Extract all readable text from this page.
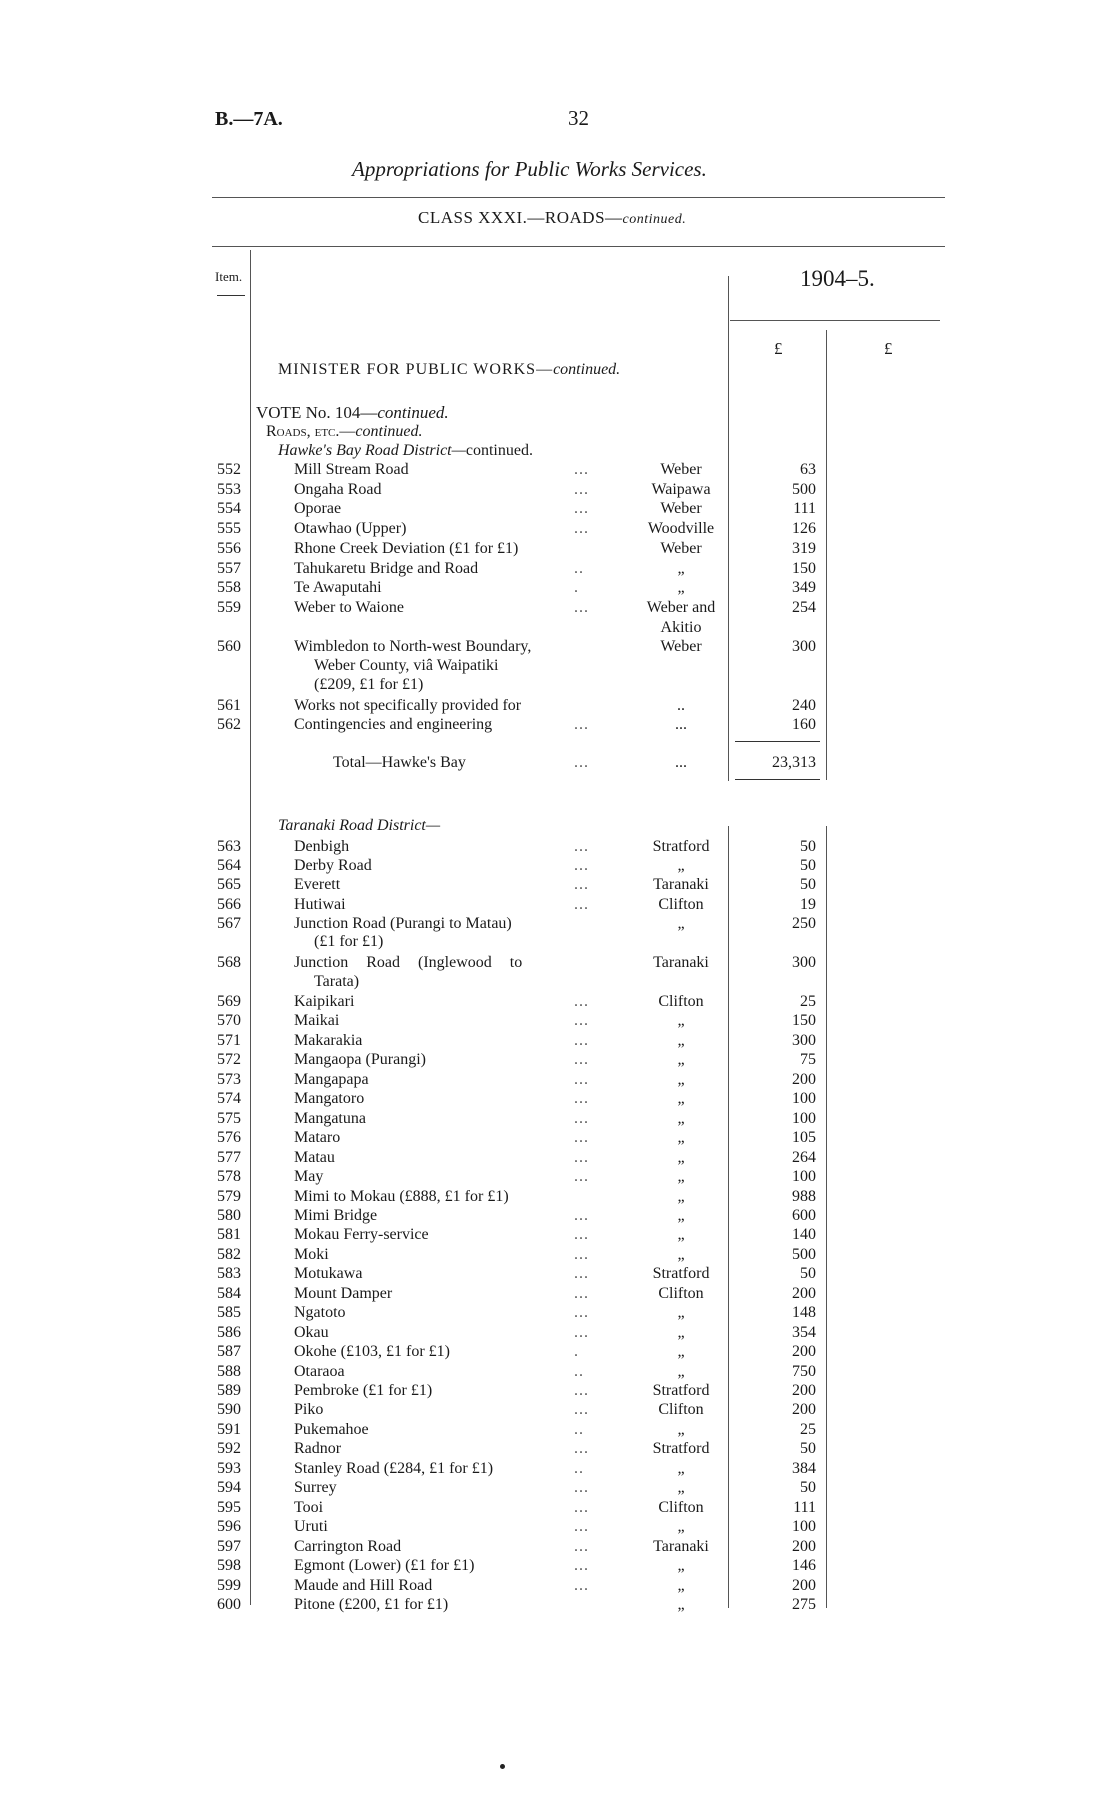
B.—7A.	32
Appropriations for Public Works Services.
CLASS XXXI.—ROADS—continued.
Item.	1904–5.
£	£
MINISTER FOR PUBLIC WORKS—continued.
VOTE No. 104—continued.
Roads, etc.—continued.
Hawke's Bay Road District—continued.
552	Mill Stream Road	...	Weber	63
553	Ongaha Road	...	Waipawa	500
554	Oporae	...	Weber	111
555	Otawhao (Upper)	...	Woodville	126
556	Rhone Creek Deviation (£1 for £1)	Weber	319
557	Tahukaretu Bridge and Road	..	„	150
558	Te Awaputahi	.	„	349
559	Weber to Waione	...	Weber and	254
Akitio
560	Wimbledon to North-west Boundary,	Weber	300
Weber County, viâ Waipatiki
(£209, £1 for £1)
561	Works not specifically provided for	..	240
562	Contingencies and engineering	...	...	160
Total—Hawke's Bay	...	...	23,313
Taranaki Road District—
563	Denbigh	...	Stratford	50
564	Derby Road	...	„	50
565	Everett	...	Taranaki	50
566	Hutiwai	...	Clifton	19
567	Junction Road (Purangi to Matau)	„	250
(£1 for £1)
568	Junction Road (Inglewood to	Taranaki	300
Tarata)
569	Kaipikari	...	Clifton	25
570	Maikai	...	„	150
571	Makarakia	...	„	300
572	Mangaopa (Purangi)	...	„	75
573	Mangapapa	...	„	200
574	Mangatoro	...	„	100
575	Mangatuna	...	„	100
576	Mataro	...	„	105
577	Matau	...	„	264
578	May	...	„	100
579	Mimi to Mokau (£888, £1 for £1)	„	988
580	Mimi Bridge	...	„	600
581	Mokau Ferry-service	...	„	140
582	Moki	...	„	500
583	Motukawa	...	Stratford	50
584	Mount Damper	...	Clifton	200
585	Ngatoto	...	„	148
586	Okau	...	„	354
587	Okohe (£103, £1 for £1)	.	„	200
588	Otaraoa	..	„	750
589	Pembroke (£1 for £1)	...	Stratford	200
590	Piko	...	Clifton	200
591	Pukemahoe	..	„	25
592	Radnor	...	Stratford	50
593	Stanley Road (£284, £1 for £1)	..	„	384
594	Surrey	...	„	50
595	Tooi	...	Clifton	111
596	Uruti	...	„	100
597	Carrington Road	...	Taranaki	200
598	Egmont (Lower) (£1 for £1)	...	„	146
599	Maude and Hill Road	...	„	200
600	Pitone (£200, £1 for £1)	„	275
